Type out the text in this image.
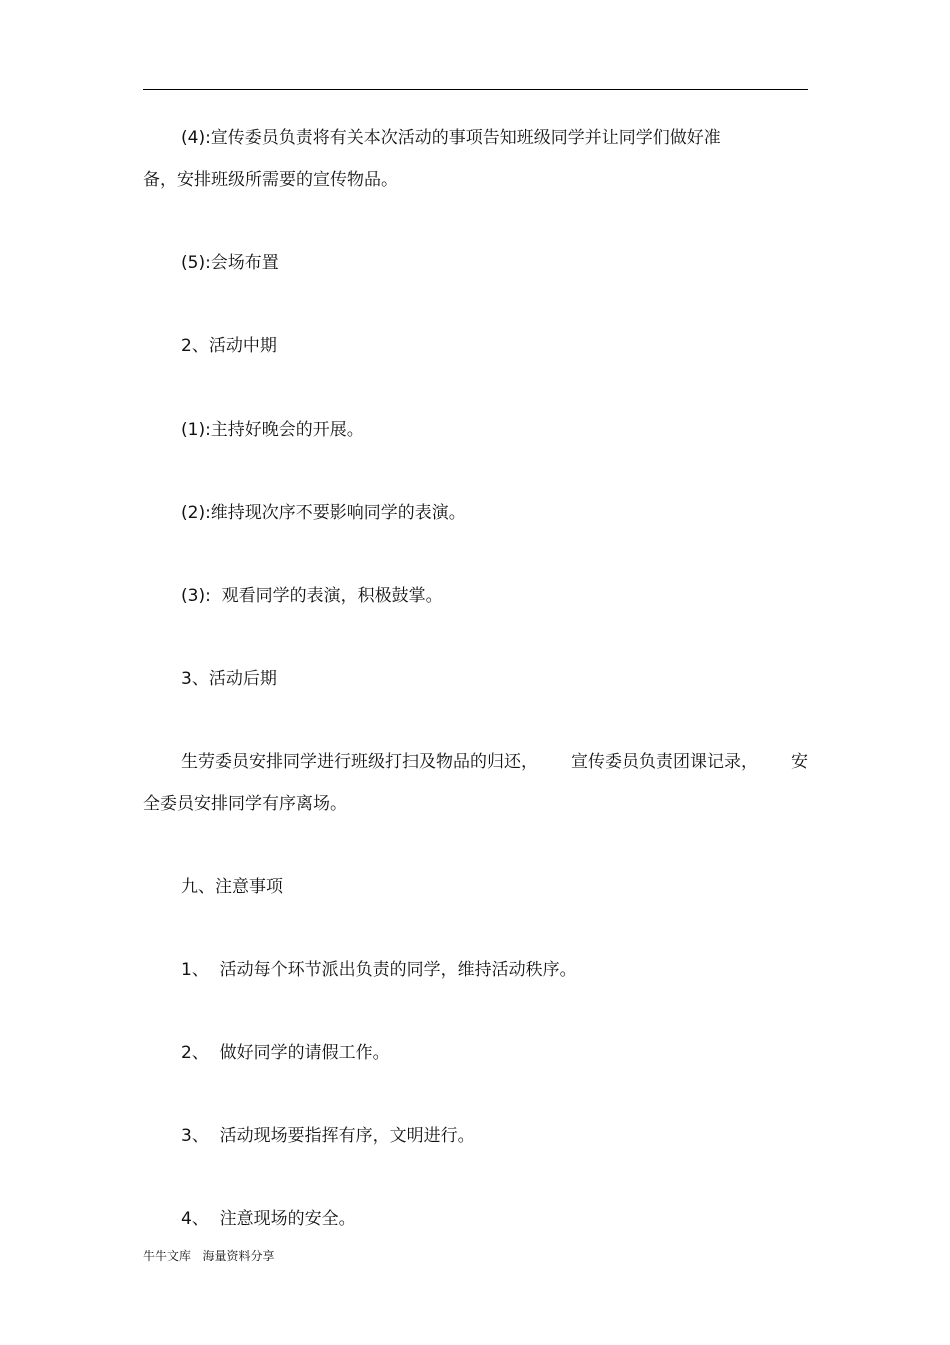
(4):宣传委员负责将有关本次活动的事项告知班级同学并让同学们做好准
备，安排班级所需要的宣传物品。
(5):会场布置
2、活动中期
(1):主持好晚会的开展。
(2):维持现次序不要影响同学的表演。
(3):  观看同学的表演，积极鼓掌。
3、活动后期
生劳委员安排同学进行班级打扫及物品的归还， 宣传委员负责团课记录， 安
全委员安排同学有序离场。
九、注意事项
1、  活动每个环节派出负责的同学，维持活动秩序。
2、  做好同学的请假工作。
3、  活动现场要指挥有序，文明进行。
4、  注意现场的安全。
牛牛文库   海量资料分享
